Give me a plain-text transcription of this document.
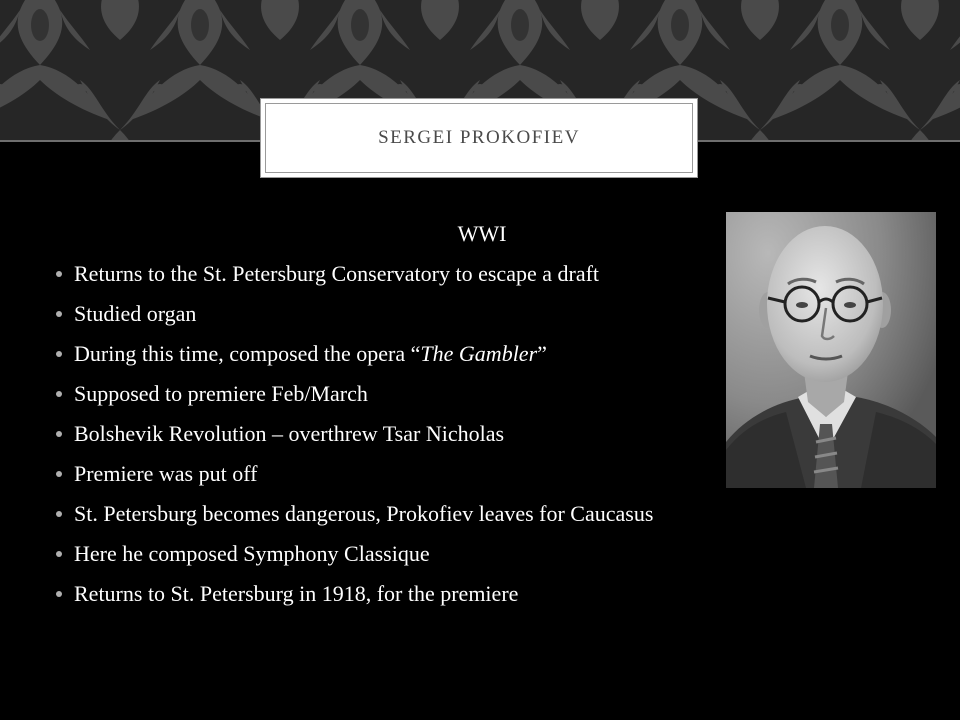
SERGEI PROKOFIEV

WWI

Returns to the St. Petersburg Conservatory to escape a draft
Studied organ
During this time, composed the opera “The Gambler”
Supposed to premiere Feb/March
Bolshevik Revolution – overthrew Tsar Nicholas
Premiere was put off
St. Petersburg becomes dangerous, Prokofiev leaves for Caucasus
Here he composed Symphony Classique
Returns to St. Petersburg in 1918, for the premiere
